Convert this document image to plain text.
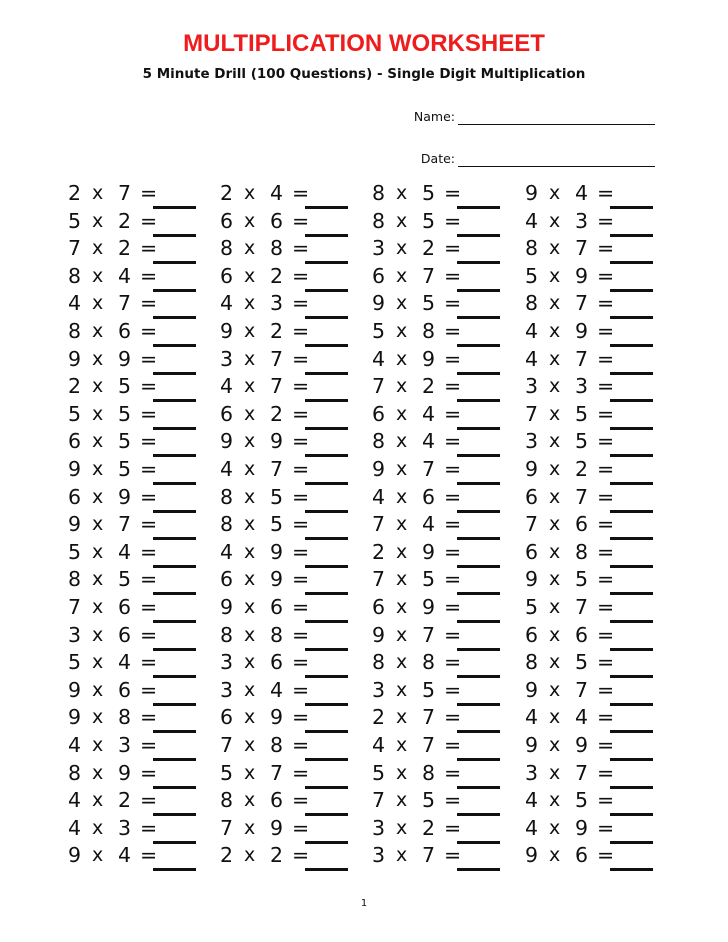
MULTIPLICATION WORKSHEET
5 Minute Drill (100 Questions) - Single Digit Multiplication
Name:
Date:
2 x 7 =
5 x 2 =
7 x 2 =
8 x 4 =
4 x 7 =
8 x 6 =
9 x 9 =
2 x 5 =
5 x 5 =
6 x 5 =
9 x 5 =
6 x 9 =
9 x 7 =
5 x 4 =
8 x 5 =
7 x 6 =
3 x 6 =
5 x 4 =
9 x 6 =
9 x 8 =
4 x 3 =
8 x 9 =
4 x 2 =
4 x 3 =
9 x 4 =
2 x 4 =
6 x 6 =
8 x 8 =
6 x 2 =
4 x 3 =
9 x 2 =
3 x 7 =
4 x 7 =
6 x 2 =
9 x 9 =
4 x 7 =
8 x 5 =
8 x 5 =
4 x 9 =
6 x 9 =
9 x 6 =
8 x 8 =
3 x 6 =
3 x 4 =
6 x 9 =
7 x 8 =
5 x 7 =
8 x 6 =
7 x 9 =
2 x 2 =
8 x 5 =
8 x 5 =
3 x 2 =
6 x 7 =
9 x 5 =
5 x 8 =
4 x 9 =
7 x 2 =
6 x 4 =
8 x 4 =
9 x 7 =
4 x 6 =
7 x 4 =
2 x 9 =
7 x 5 =
6 x 9 =
9 x 7 =
8 x 8 =
3 x 5 =
2 x 7 =
4 x 7 =
5 x 8 =
7 x 5 =
3 x 2 =
3 x 7 =
9 x 4 =
4 x 3 =
8 x 7 =
5 x 9 =
8 x 7 =
4 x 9 =
4 x 7 =
3 x 3 =
7 x 5 =
3 x 5 =
9 x 2 =
6 x 7 =
7 x 6 =
6 x 8 =
9 x 5 =
5 x 7 =
6 x 6 =
8 x 5 =
9 x 7 =
4 x 4 =
9 x 9 =
3 x 7 =
4 x 5 =
4 x 9 =
9 x 6 =
1
